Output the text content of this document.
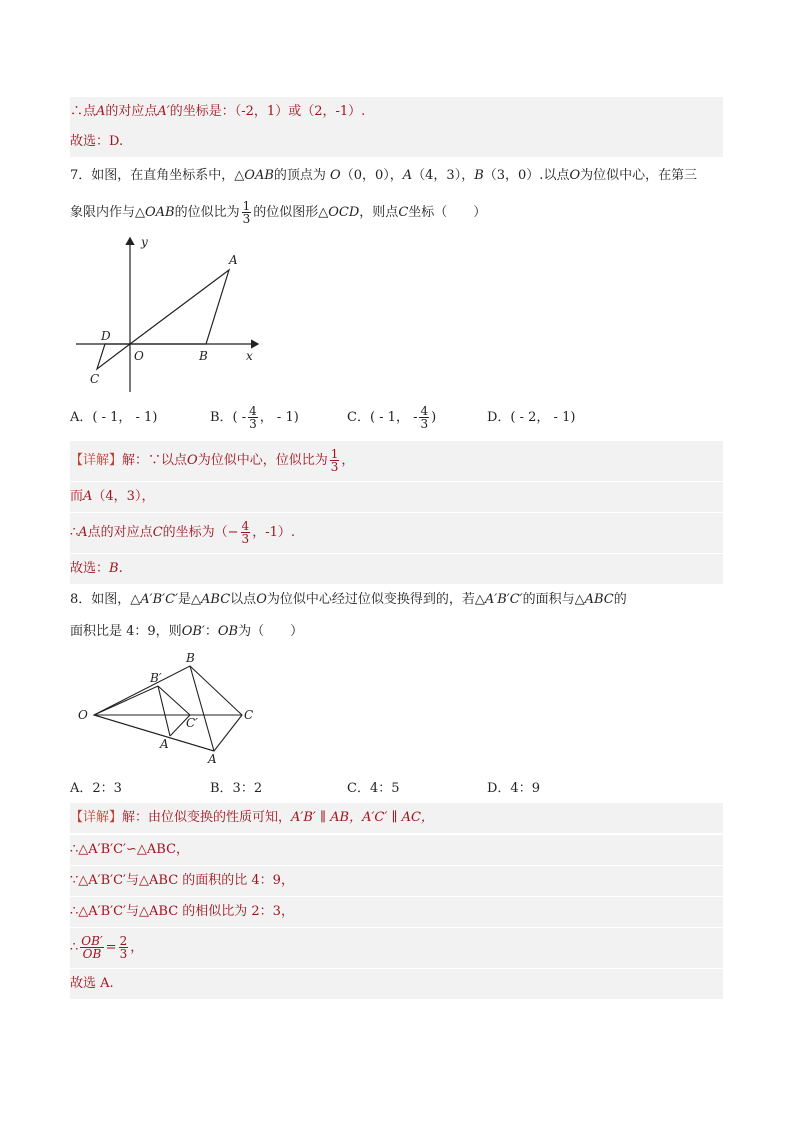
∴点A的对应点A′的坐标是：（-2，1）或（2，-1）.
故选：D.
7．如图，在直角坐标系中，△OAB的顶点为 O（0，0），A（4，3），B（3，0）.以点O为位似中心，在第三
象限内作与△OAB的位似比为 $\frac{1}{3}$ 的位似图形△OCD，则点C坐标（　　）
y
x
A
O	B
D
C
A．( - 1， - 1)	B．( - $\frac{4}{3}$ ， - 1)	C．( - 1， - $\frac{4}{3}$ )	D．( - 2， - 1)
【详解】解：∵以点O为位似中心，位似比为 $\frac{1}{3}$ ，
而A（4，3），
∴A点的对应点C的坐标为（− $\frac{4}{3}$ ，-1）.
故选：B.
8．如图，△A′B′C′是△ABC以点O为位似中心经过位似变换得到的，若△A′B′C′的面积与△ABC的
面积比是 4：9，则OB′：OB为（　　）
O
B′
B
C′
C
A
A
A．2：3	B．3：2	C．4：5	D．4：9
【详解】解：由位似变换的性质可知，A′B′ ∥ AB，A′C′ ∥ AC，
∴△A′B′C′∽△ABC，
∵△A′B′C′与△ABC 的面积的比 4：9，
∴△A′B′C′与△ABC 的相似比为 2：3，
∴ $\frac{OB'}{OB} = \frac{2}{3}$ ，
故选 A.
